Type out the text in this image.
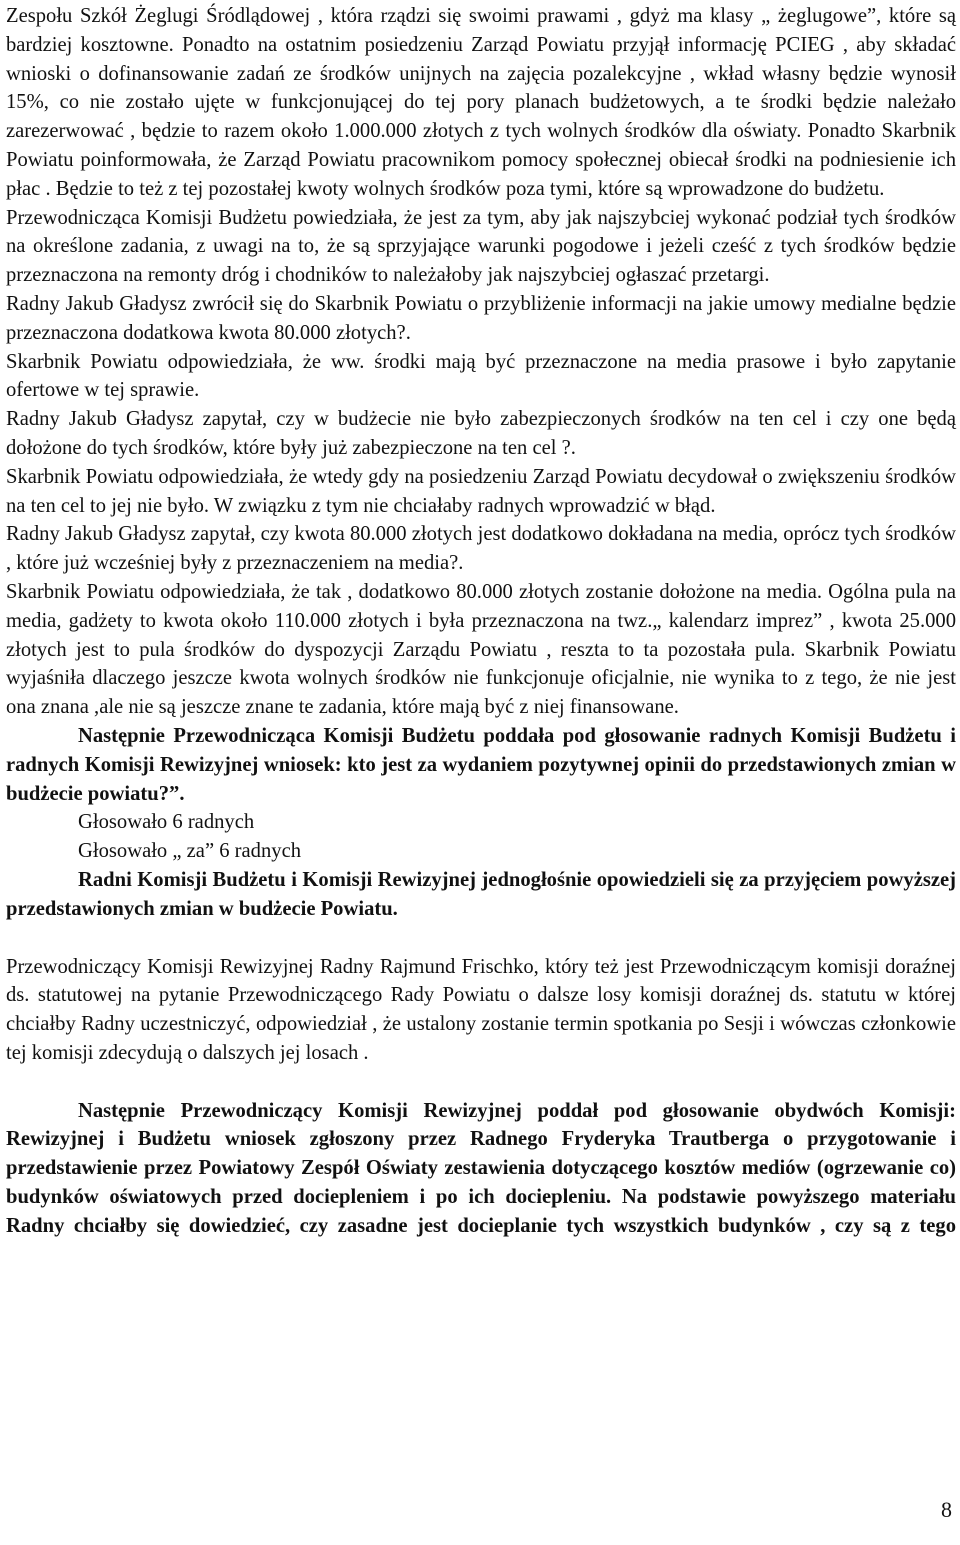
Zespołu Szkół Żeglugi Śródlądowej , która rządzi się swoimi prawami , gdyż ma klasy „ żeglugowe”, które są bardziej kosztowne. Ponadto na ostatnim posiedzeniu Zarząd Powiatu przyjął informację PCIEG , aby składać wnioski o dofinansowanie zadań ze środków unijnych na zajęcia pozalekcyjne , wkład własny będzie wynosił 15%, co nie zostało ujęte w funkcjonującej do tej pory planach budżetowych, a te środki będzie należało zarezerwować , będzie to razem około 1.000.000 złotych z tych wolnych środków dla oświaty. Ponadto Skarbnik Powiatu poinformowała, że Zarząd Powiatu pracownikom pomocy społecznej obiecał środki na podniesienie ich płac . Będzie to też z tej pozostałej kwoty wolnych środków poza tymi, które są wprowadzone do budżetu.

Przewodnicząca Komisji Budżetu powiedziała, że jest za tym, aby jak najszybciej wykonać podział tych środków na określone zadania, z uwagi na to, że są sprzyjające warunki pogodowe i jeżeli cześć z tych środków będzie przeznaczona na remonty dróg i chodników to należałoby jak najszybciej ogłaszać przetargi.

Radny Jakub Gładysz zwrócił się do Skarbnik Powiatu o przybliżenie informacji na jakie umowy medialne będzie przeznaczona dodatkowa kwota 80.000 złotych?.

Skarbnik Powiatu odpowiedziała, że ww. środki mają być przeznaczone na media prasowe i było zapytanie ofertowe w tej sprawie.

Radny Jakub Gładysz zapytał, czy w budżecie nie było zabezpieczonych środków na ten cel i czy one będą dołożone do tych środków, które były już zabezpieczone na ten cel ?.

Skarbnik Powiatu odpowiedziała, że wtedy gdy na posiedzeniu Zarząd Powiatu decydował o zwiększeniu środków na ten cel to jej nie było. W związku z tym nie chciałaby radnych wprowadzić w błąd.

Radny Jakub Gładysz zapytał, czy kwota 80.000 złotych jest dodatkowo dokładana na media, oprócz tych środków , które już wcześniej były z przeznaczeniem na media?.

Skarbnik Powiatu odpowiedziała, że tak , dodatkowo 80.000 złotych zostanie dołożone na media. Ogólna pula na media, gadżety to kwota około 110.000 złotych i była przeznaczona na twz.„ kalendarz imprez” , kwota 25.000 złotych jest to pula środków do dyspozycji Zarządu Powiatu , reszta to ta pozostała pula. Skarbnik Powiatu wyjaśniła dlaczego jeszcze kwota wolnych środków nie funkcjonuje oficjalnie, nie wynika to z tego, że nie jest ona znana ,ale nie są jeszcze znane te zadania, które mają być z niej finansowane.

Następnie Przewodnicząca Komisji Budżetu poddała pod głosowanie radnych Komisji Budżetu i radnych Komisji Rewizyjnej wniosek: kto jest za wydaniem pozytywnej opinii do przedstawionych zmian w budżecie powiatu?”.

Głosowało 6 radnych

Głosowało „ za” 6 radnych

Radni Komisji Budżetu i Komisji Rewizyjnej jednogłośnie opowiedzieli się za przyjęciem powyższej przedstawionych zmian w budżecie Powiatu.

Przewodniczący Komisji Rewizyjnej Radny Rajmund Frischko, który też jest Przewodniczącym komisji doraźnej ds. statutowej na pytanie Przewodniczącego Rady Powiatu o dalsze losy komisji doraźnej ds. statutu w której chciałby Radny uczestniczyć, odpowiedział , że ustalony zostanie termin spotkania po Sesji i wówczas członkowie tej komisji zdecydują o dalszych jej losach .

Następnie Przewodniczący Komisji Rewizyjnej poddał pod głosowanie obydwóch Komisji: Rewizyjnej i Budżetu wniosek zgłoszony przez Radnego Fryderyka Trautberga o przygotowanie i przedstawienie przez Powiatowy Zespół Oświaty zestawienia dotyczącego kosztów mediów (ogrzewanie co) budynków oświatowych przed dociepleniem i po ich dociepleniu. Na podstawie powyższego materiału Radny chciałby się dowiedzieć, czy zasadne jest docieplanie tych wszystkich budynków , czy są z tego

8
